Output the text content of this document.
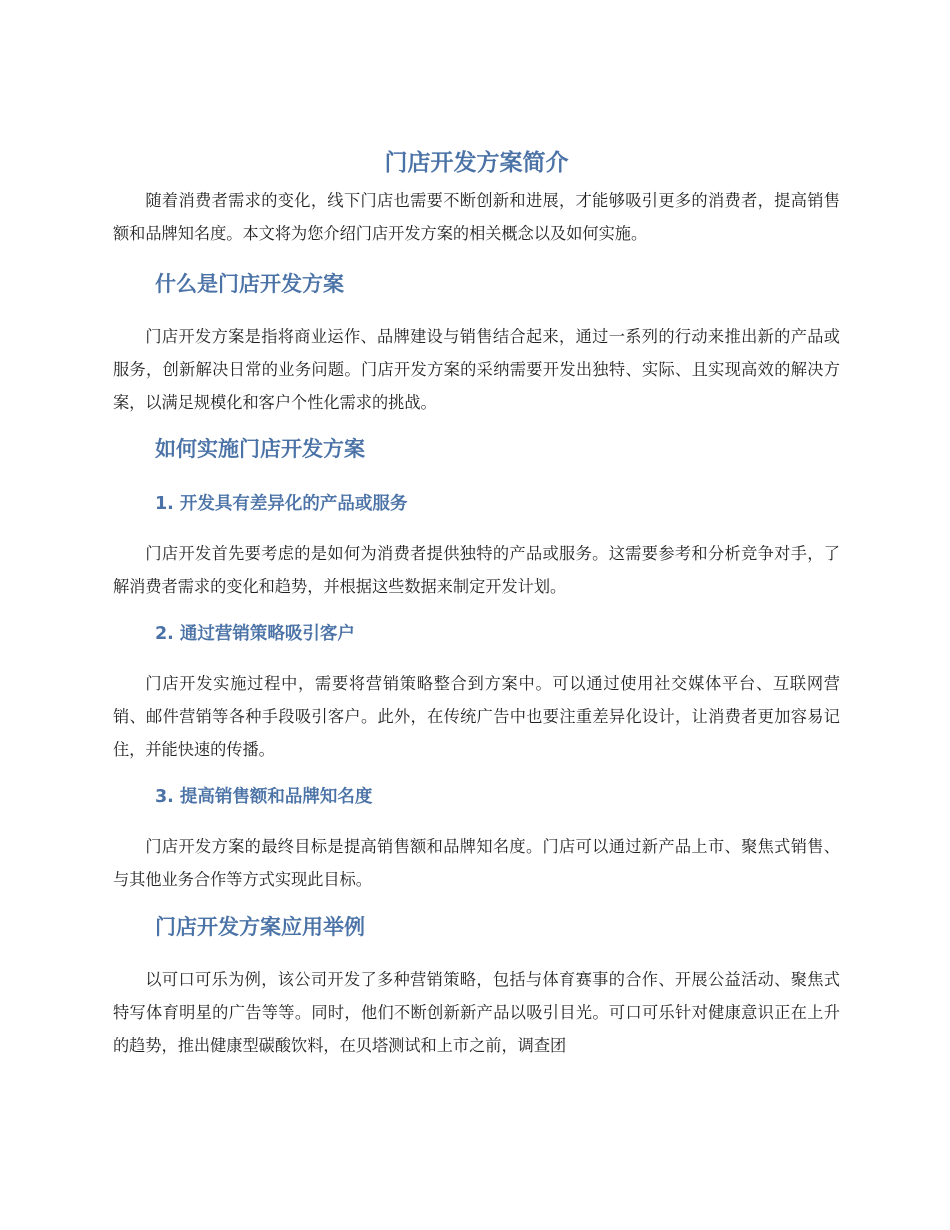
门店开发方案简介

随着消费者需求的变化，线下门店也需要不断创新和进展，才能够吸引更多的消费者，提高销售额和品牌知名度。本文将为您介绍门店开发方案的相关概念以及如何实施。

什么是门店开发方案

门店开发方案是指将商业运作、品牌建设与销售结合起来，通过一系列的行动来推出新的产品或服务，创新解决日常的业务问题。门店开发方案的采纳需要开发出独特、实际、且实现高效的解决方案，以满足规模化和客户个性化需求的挑战。

如何实施门店开发方案
1. 开发具有差异化的产品或服务

门店开发首先要考虑的是如何为消费者提供独特的产品或服务。这需要参考和分析竞争对手，了解消费者需求的变化和趋势，并根据这些数据来制定开发计划。

2. 通过营销策略吸引客户

门店开发实施过程中，需要将营销策略整合到方案中。可以通过使用社交媒体平台、互联网营销、邮件营销等各种手段吸引客户。此外，在传统广告中也要注重差异化设计，让消费者更加容易记住，并能快速的传播。

3. 提高销售额和品牌知名度

门店开发方案的最终目标是提高销售额和品牌知名度。门店可以通过新产品上市、聚焦式销售、与其他业务合作等方式实现此目标。

门店开发方案应用举例

以可口可乐为例，该公司开发了多种营销策略，包括与体育赛事的合作、开展公益活动、聚焦式特写体育明星的广告等等。同时，他们不断创新新产品以吸引目光。可口可乐针对健康意识正在上升的趋势，推出健康型碳酸饮料，在贝塔测试和上市之前，调查团
